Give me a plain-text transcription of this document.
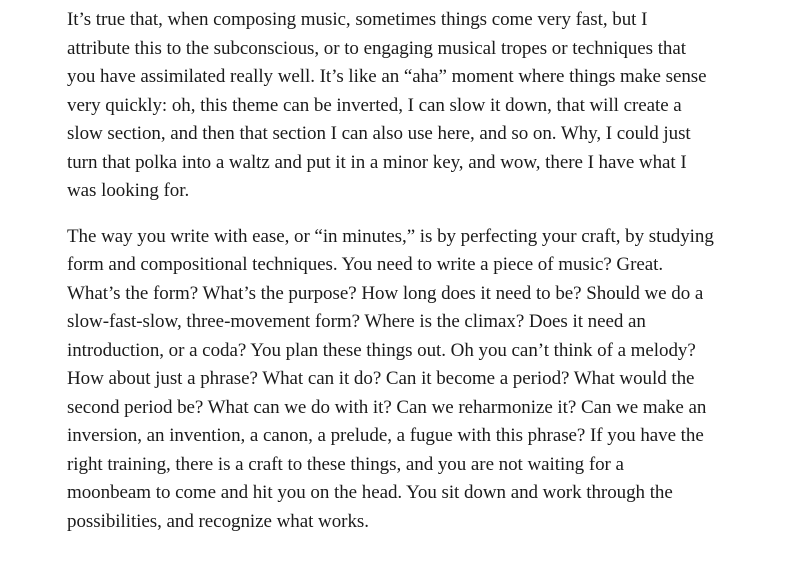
It’s true that, when composing music, sometimes things come very fast, but I
attribute this to the subconscious, or to engaging musical tropes or techniques that
you have assimilated really well. It’s like an “aha” moment where things make sense
very quickly: oh, this theme can be inverted, I can slow it down, that will create a
slow section, and then that section I can also use here, and so on. Why, I could just
turn that polka into a waltz and put it in a minor key, and wow, there I have what I
was looking for.

The way you write with ease, or “in minutes,” is by perfecting your craft, by studying
form and compositional techniques. You need to write a piece of music? Great.
What’s the form? What’s the purpose? How long does it need to be? Should we do a
slow-fast-slow, three-movement form? Where is the climax? Does it need an
introduction, or a coda? You plan these things out. Oh you can’t think of a melody?
How about just a phrase? What can it do? Can it become a period? What would the
second period be? What can we do with it? Can we reharmonize it? Can we make an
inversion, an invention, a canon, a prelude, a fugue with this phrase? If you have the
right training, there is a craft to these things, and you are not waiting for a
moonbeam to come and hit you on the head. You sit down and work through the
possibilities, and recognize what works.
